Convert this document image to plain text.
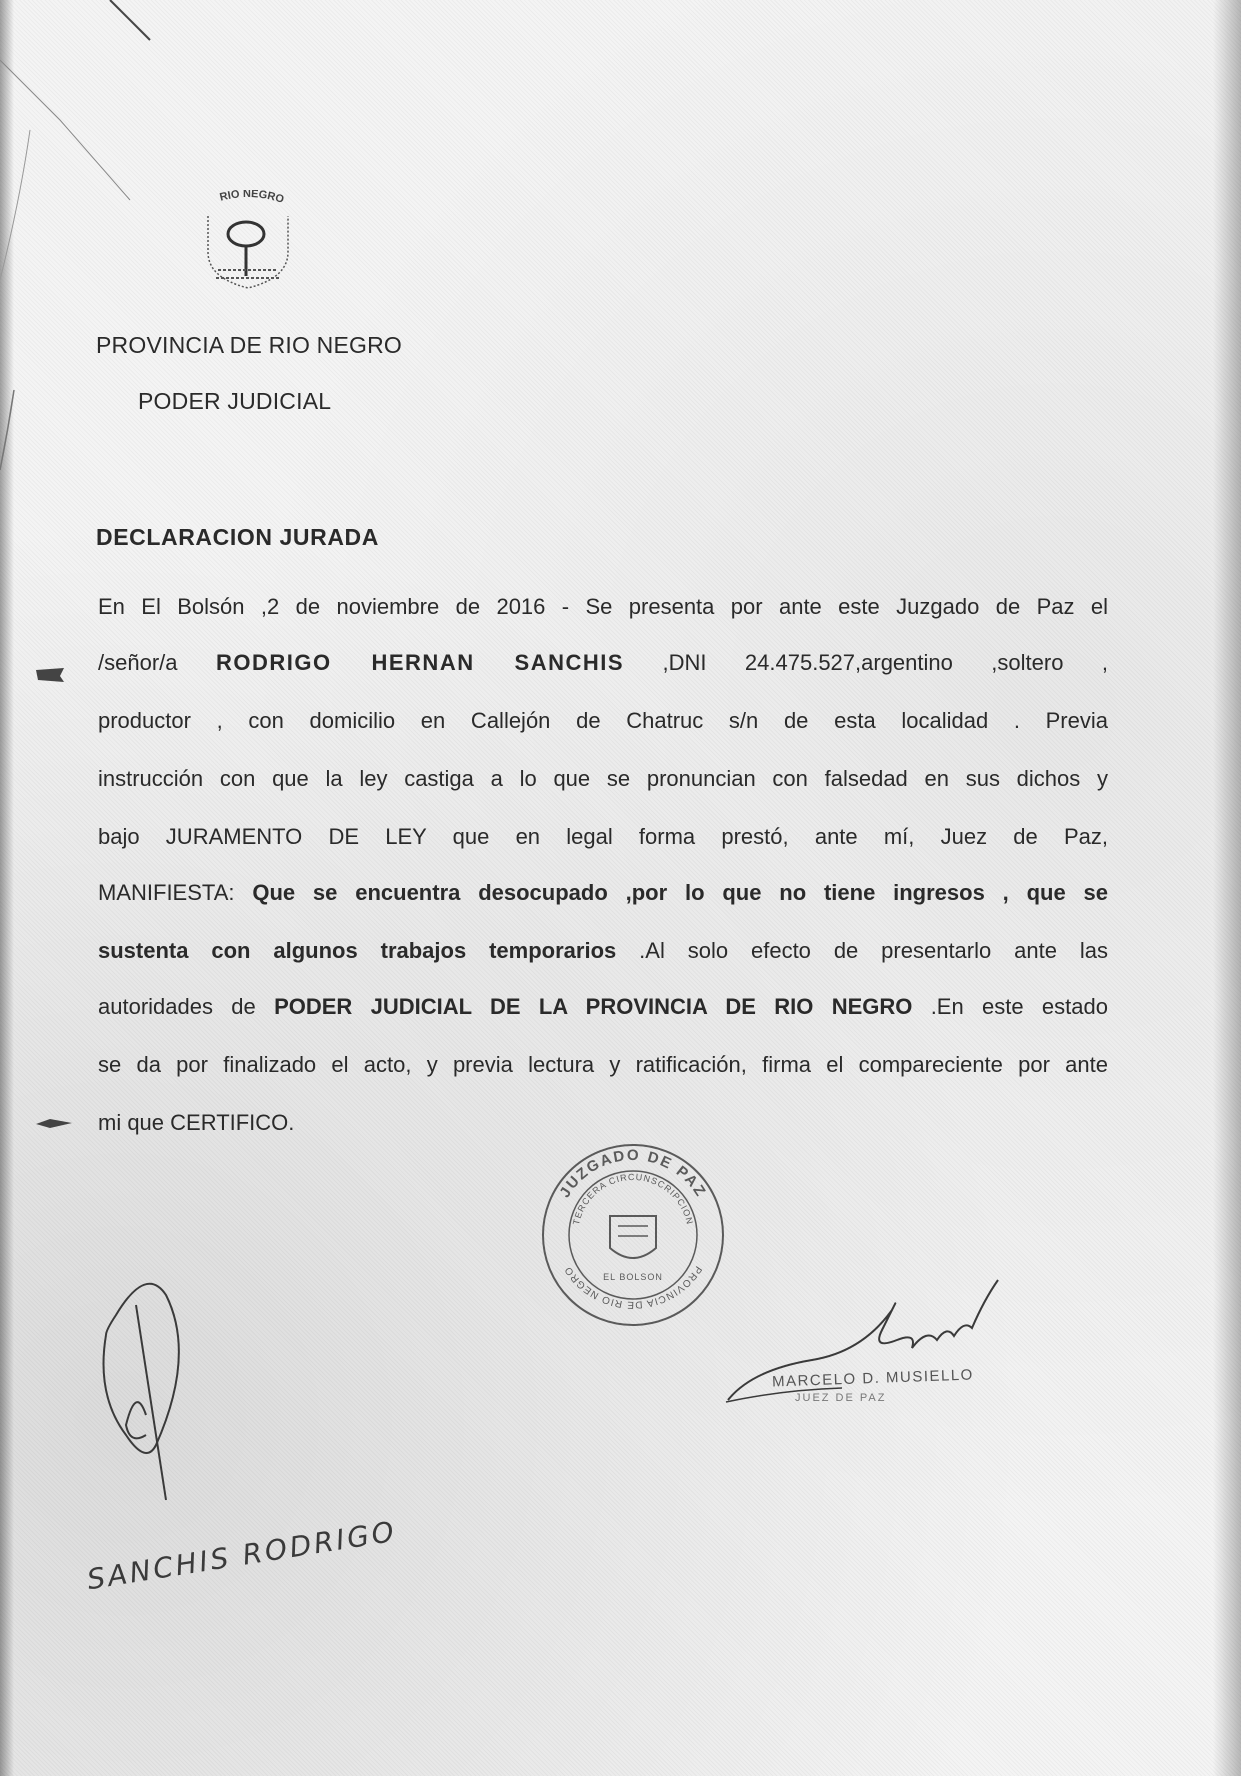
RIO NEGRO
PROVINCIA DE RIO NEGRO
PODER JUDICIAL
DECLARACION JURADA
En El Bolsón ,2 de noviembre de 2016 - Se presenta por ante este Juzgado de Paz el
/señor/a RODRIGO HERNAN SANCHIS ,DNI 24.475.527,argentino ,soltero ,
productor , con domicilio en Callejón de Chatruc s/n de esta localidad . Previa
instrucción con que la ley castiga a lo que se pronuncian con falsedad en sus dichos y
bajo JURAMENTO DE LEY que en legal forma prestó, ante mí, Juez de Paz,
MANIFIESTA: Que se encuentra desocupado ,por lo que no tiene ingresos , que se
sustenta con algunos trabajos temporarios .Al solo efecto de presentarlo ante las
autoridades de PODER JUDICIAL DE LA PROVINCIA DE RIO NEGRO .En este estado
se da por finalizado el acto, y previa lectura y ratificación, firma el compareciente por ante
mi que CERTIFICO.
JUZGADO DE PAZ
TERCERA CIRCUNSCRIPCION
PROVINCIA DE RIO NEGRO	EL BOLSON
MARCELO D. MUSIELLO
JUEZ DE PAZ
SANCHIS RODRIGO
